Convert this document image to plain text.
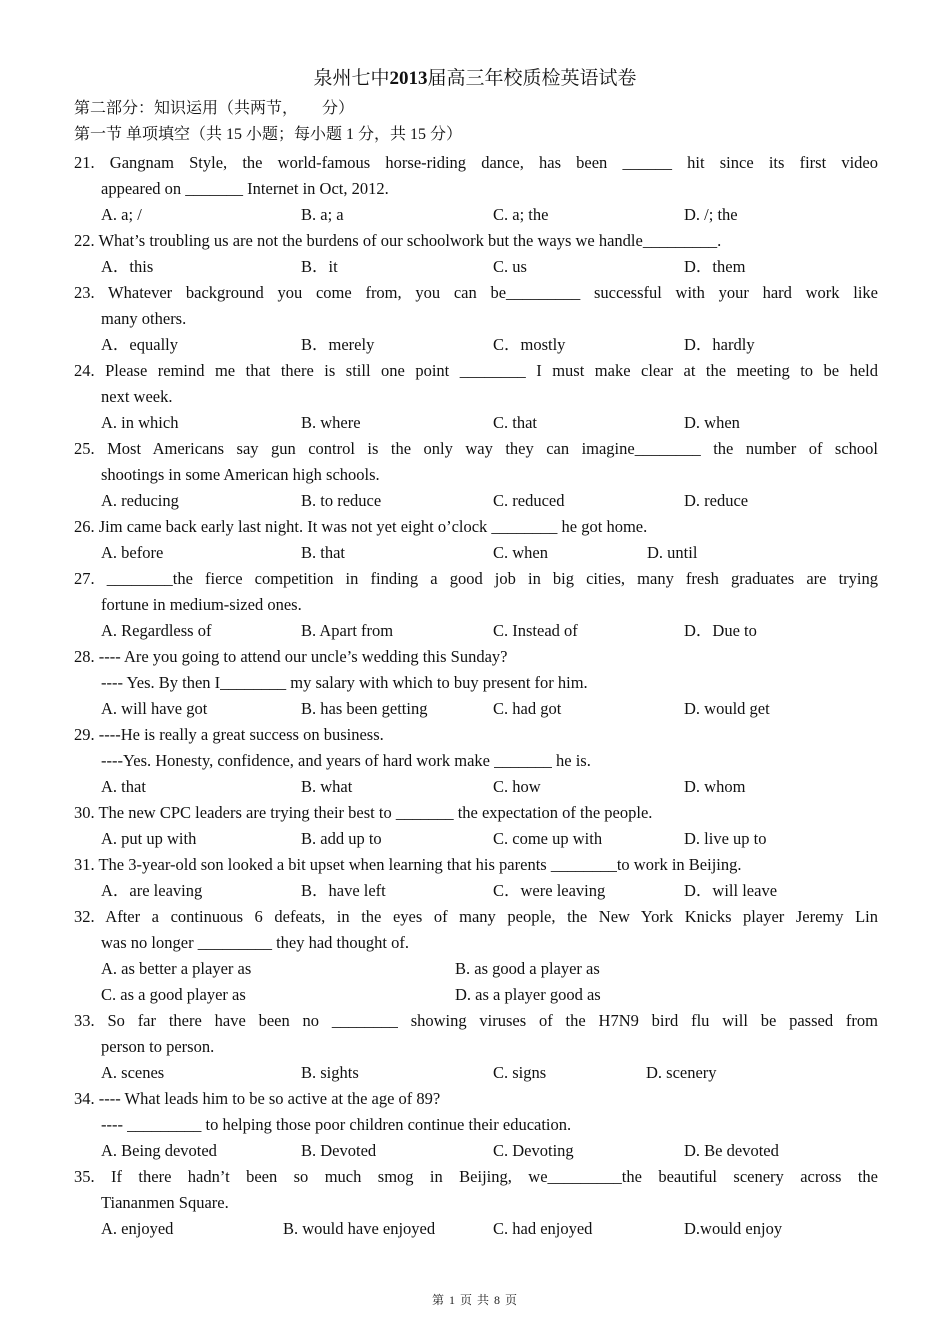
泉州七中2013届高三年校质检英语试卷
第二部分：知识运用（共两节，　　分）
第一节 单项填空（共 15 小题；每小题 1 分，共 15 分）
21. Gangnam Style, the world-famous horse-riding dance, has been ______ hit since its first video
appeared on _______ Internet in Oct, 2012.
A. a; /	B. a; a	C. a; the	D. /; the
22. What’s troubling us are not the burdens of our schoolwork but the ways we handle_________.
A．this	B．it	C. us	D．them
23. Whatever background you come from, you can be_________ successful with your hard work like
many others.
A．equally	B．merely	C．mostly	D．hardly
24. Please remind me that there is still one point ________ I must make clear at the meeting to be held
next week.
A. in which	B. where	C. that	D. when
25. Most Americans say gun control is the only way they can imagine________ the number of school
shootings in some American high schools.
A. reducing	B. to reduce	C. reduced	D. reduce
26. Jim came back early last night. It was not yet eight o’clock ________ he got home.
A. before	B. that	C. when	D. until
27. ________the fierce competition in finding a good job in big cities, many fresh graduates are trying
fortune in medium-sized ones.
A. Regardless of	B. Apart from	C. Instead of	D．Due to
28. ---- Are you going to attend our uncle’s wedding this Sunday?
---- Yes. By then I________ my salary with which to buy present for him.
A. will have got	B. has been getting	C. had got	D. would get
29. ----He is really a great success on business.
----Yes. Honesty, confidence, and years of hard work make _______ he is.
A. that	B. what	C. how	D. whom
30. The new CPC leaders are trying their best to _______ the expectation of the people.
A. put up with	B. add up to	C. come up with	D. live up to
31. The 3-year-old son looked a bit upset when learning that his parents ________to work in Beijing.
A．are leaving	B．have left	C．were leaving	D．will leave
32. After a continuous 6 defeats, in the eyes of many people, the New York Knicks player Jeremy Lin
was no longer _________ they had thought of.
A. as better a player as	B. as good a player as
C. as a good player as	D. as a player good as
33. So far there have been no ________ showing viruses of the H7N9 bird flu will be passed from
person to person.
A. scenes	B. sights	C. signs	D. scenery
34. ---- What leads him to be so active at the age of 89?
---- _________ to helping those poor children continue their education.
A. Being devoted	B. Devoted	C. Devoting	D. Be devoted
35. If there hadn’t been so much smog in Beijing, we_________the beautiful scenery across the
Tiananmen Square.
A. enjoyed	B. would have enjoyed	C. had enjoyed	D.would enjoy
第 1 页 共 8 页
